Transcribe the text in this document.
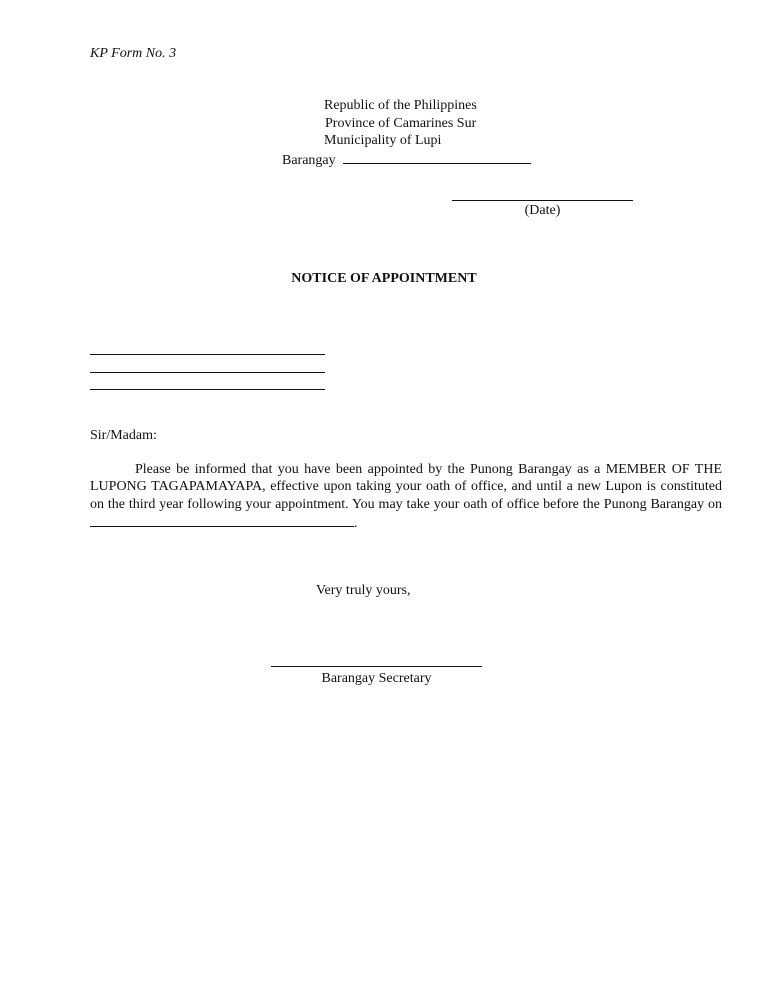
KP Form No. 3
Republic of the Philippines
Province of Camarines Sur
Municipality of Lupi
Barangay
(Date)
NOTICE OF APPOINTMENT
Sir/Madam:
Please be informed that you have been appointed by the Punong Barangay as a MEMBER OF THE LUPONG TAGAPAMAYAPA, effective upon taking your oath of office, and until a new Lupon is constituted on the third year following your appointment. You may take your oath of office before the Punong Barangay on .
Very truly yours,
Barangay Secretary
